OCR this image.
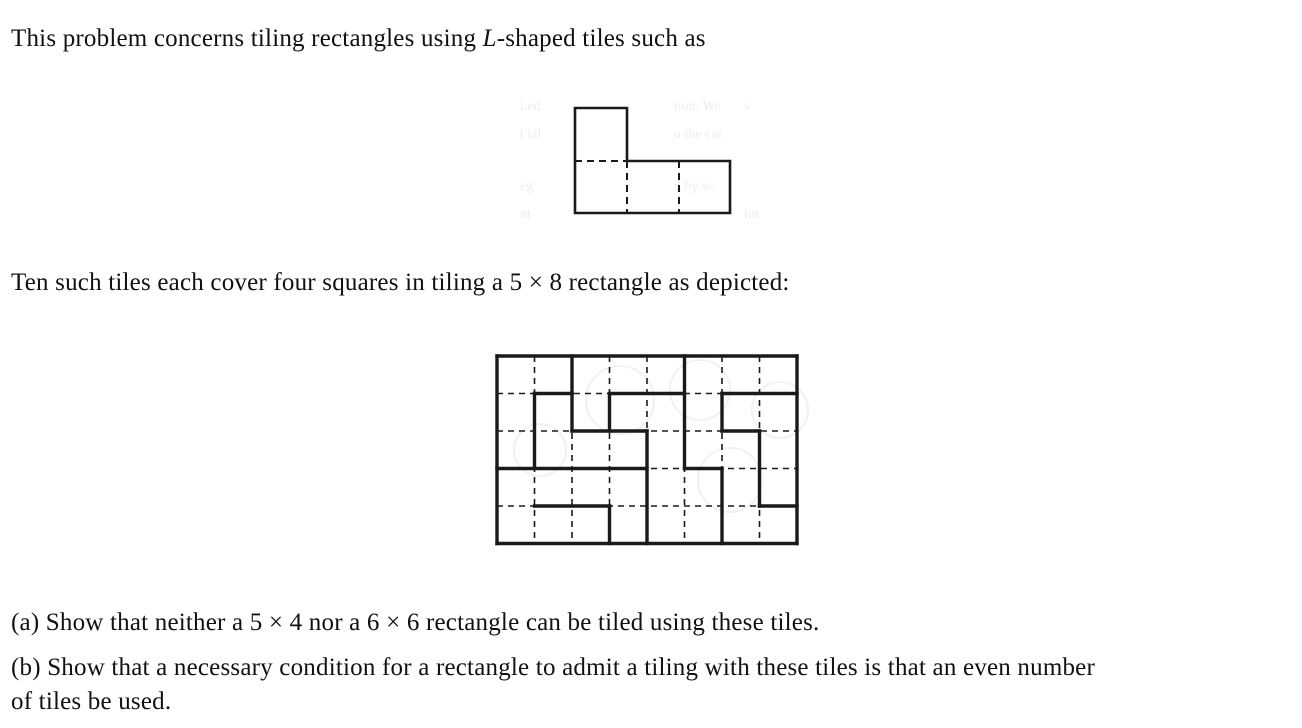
This problem concerns tiling rectangles using L-shaped tiles such as

i.ed	tion. We s
t ial	n the cur
eg	d by sc
nt	lin

Ten such tiles each cover four squares in tiling a 5 × 8 rectangle as depicted:

(a) Show that neither a 5 × 4 nor a 6 × 6 rectangle can be tiled using these tiles.

(b) Show that a necessary condition for a rectangle to admit a tiling with these tiles is that an even number

of tiles be used.
